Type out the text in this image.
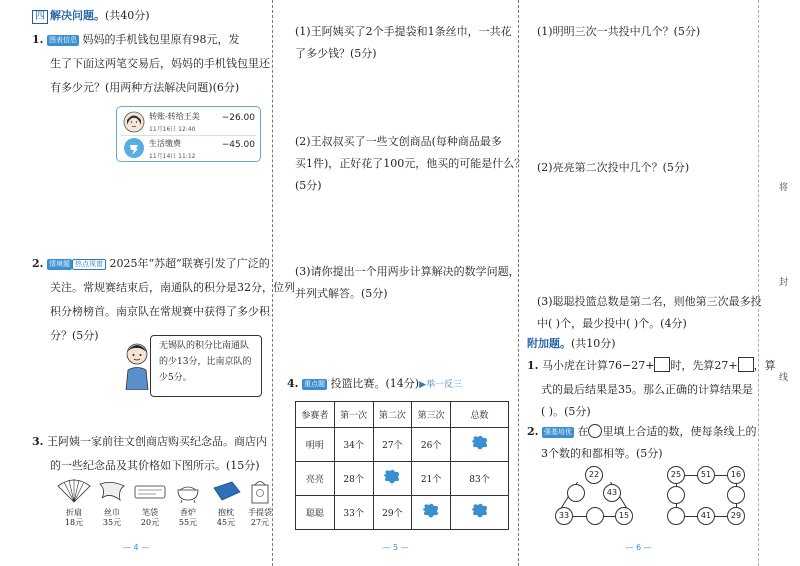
四 解决问题。(共40分)
1. 图表信息 妈妈的手机钱包里原有98元，发
生了下面这两笔交易后，妈妈的手机钱包里还
有多少元？(用两种方法解决问题)(6分)
转账-转给王美
11月16日 12:40
−26.00
生活缴费
11月14日 11:12
−45.00
2. 情境题 热点视窗 2025年“苏超”联赛引发了广泛的
关注。常规赛结束后，南通队的积分是32分，位列
积分榜榜首。南京队在常规赛中获得了多少积
分？(5分)
无锡队的积分比南通队
的少13分，比南京队的
少5分。
3. 王阿姨一家前往文创商店购买纪念品。商店内
的一些纪念品及其价格如下图所示。(15分)
折扇
18元
丝巾
35元
笔袋
20元
香炉
55元
抱枕
45元
手提袋
27元
— 4 —
(1)王阿姨买了2个手提袋和1条丝巾，一共花
了多少钱？(5分)
(2)王叔叔买了一些文创商品(每种商品最多
买1件)，正好花了100元，他买的可能是什么？
(5分)
(3)请你提出一个用两步计算解决的数学问题，
并列式解答。(5分)
4. 重点题 投篮比赛。(14分)▶举一反三
参赛者	第一次	第二次	第三次	总数
明明	34个	27个	26个	
亮亮	28个		21个	83个
聪聪	33个	29个		
— 5 —
(1)明明三次一共投中几个？(5分)
(2)亮亮第二次投中几个？(5分)
(3)聪聪投篮总数是第二名，则他第三次最多投
中( )个，最少投中( )个。(4分)
附加题。(共10分)
1. 马小虎在计算76−27+ 时，先算27+ ，算
式的最后结果是35。那么正确的计算结果是
( )。(5分)
2. 强基培优 在 里填上合适的数，使每条线上的
3个数的和都相等。(5分)
22
43
33	15
25	51	16
41	29
— 6 —
将
封
线
